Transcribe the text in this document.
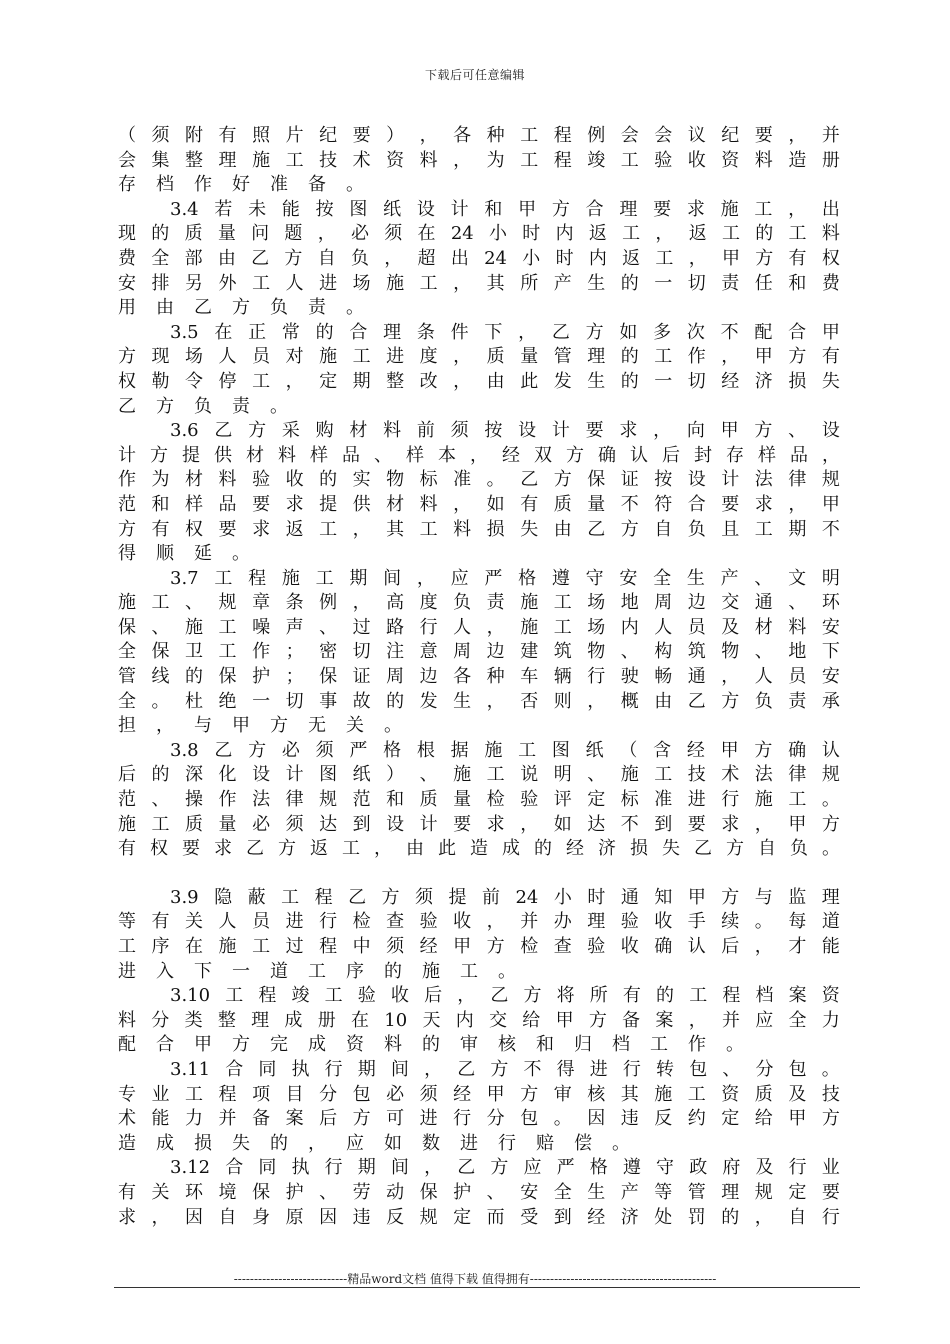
下载后可任意编辑
（ 须 附 有 照 片 纪 要 ） ， 各 种 工 程 例 会 会 议 纪 要 ， 并
会 集 整 理 施 工 技 术 资 料 ， 为 工 程 竣 工 验 收 资 料 造 册
存 档 作 好 准 备 。
3.4 若 未 能 按 图 纸 设 计 和 甲 方 合 理 要 求 施 工 ， 出
现 的 质 量 问 题 ， 必 须 在 24 小 时 内 返 工 ， 返 工 的 工 料
费 全 部 由 乙 方 自 负 ， 超 出 24 小 时 内 返 工 ， 甲 方 有 权
安 排 另 外 工 人 进 场 施 工 ， 其 所 产 生 的 一 切 责 任 和 费
用 由 乙 方 负 责 。
3.5 在 正 常 的 合 理 条 件 下 ， 乙 方 如 多 次 不 配 合 甲
方 现 场 人 员 对 施 工 进 度 ， 质 量 管 理 的 工 作 ， 甲 方 有
权 勒 令 停 工 ， 定 期 整 改 ， 由 此 发 生 的 一 切 经 济 损 失
乙 方 负 责 。
3.6 乙 方 采 购 材 料 前 须 按 设 计 要 求 ， 向 甲 方 、 设
计 方 提 供 材 料 样 品 、 样 本 ， 经 双 方 确 认 后 封 存 样 品 ，
作 为 材 料 验 收 的 实 物 标 准 。 乙 方 保 证 按 设 计 法 律 规
范 和 样 品 要 求 提 供 材 料 ， 如 有 质 量 不 符 合 要 求 ， 甲
方 有 权 要 求 返 工 ， 其 工 料 损 失 由 乙 方 自 负 且 工 期 不
得 顺 延 。
3.7 工 程 施 工 期 间 ， 应 严 格 遵 守 安 全 生 产 、 文 明
施 工 、 规 章 条 例 ， 高 度 负 责 施 工 场 地 周 边 交 通 、 环
保 、 施 工 噪 声 、 过 路 行 人 ， 施 工 场 内 人 员 及 材 料 安
全 保 卫 工 作 ； 密 切 注 意 周 边 建 筑 物 、 构 筑 物 、 地 下
管 线 的 保 护 ； 保 证 周 边 各 种 车 辆 行 驶 畅 通 ， 人 员 安
全 。 杜 绝 一 切 事 故 的 发 生 ， 否 则 ， 概 由 乙 方 负 责 承
担 ， 与 甲 方 无 关 。
3.8 乙 方 必 须 严 格 根 据 施 工 图 纸 （ 含 经 甲 方 确 认
后 的 深 化 设 计 图 纸 ） 、 施 工 说 明 、 施 工 技 术 法 律 规
范 、 操 作 法 律 规 范 和 质 量 检 验 评 定 标 准 进 行 施 工 。
施 工 质 量 必 须 达 到 设 计 要 求 ， 如 达 不 到 要 求 ， 甲 方
有 权 要 求 乙 方 返 工 ， 由 此 造 成 的 经 济 损 失 乙 方 自 负 。
3.9 隐 蔽 工 程 乙 方 须 提 前 24 小 时 通 知 甲 方 与 监 理
等 有 关 人 员 进 行 检 查 验 收 ， 并 办 理 验 收 手 续 。 每 道
工 序 在 施 工 过 程 中 须 经 甲 方 检 查 验 收 确 认 后 ， 才 能
进 入 下 一 道 工 序 的 施 工 。
3.10 工 程 竣 工 验 收 后 ， 乙 方 将 所 有 的 工 程 档 案 资
料 分 类 整 理 成 册 在 10 天 内 交 给 甲 方 备 案 ， 并 应 全 力
配 合 甲 方 完 成 资 料 的 审 核 和 归 档 工 作 。
3.11 合 同 执 行 期 间 ， 乙 方 不 得 进 行 转 包 、 分 包 。
专 业 工 程 项 目 分 包 必 须 经 甲 方 审 核 其 施 工 资 质 及 技
术 能 力 并 备 案 后 方 可 进 行 分 包 。 因 违 反 约 定 给 甲 方
造 成 损 失 的 ， 应 如 数 进 行 赔 偿 。
3.12 合 同 执 行 期 间 ， 乙 方 应 严 格 遵 守 政 府 及 行 业
有 关 环 境 保 护 、 劳 动 保 护 、 安 全 生 产 等 管 理 规 定 要
求 ， 因 自 身 原 因 违 反 规 定 而 受 到 经 济 处 罚 的 ， 自 行
----------------------------精品word文档 值得下载 值得拥有----------------------------------------------
